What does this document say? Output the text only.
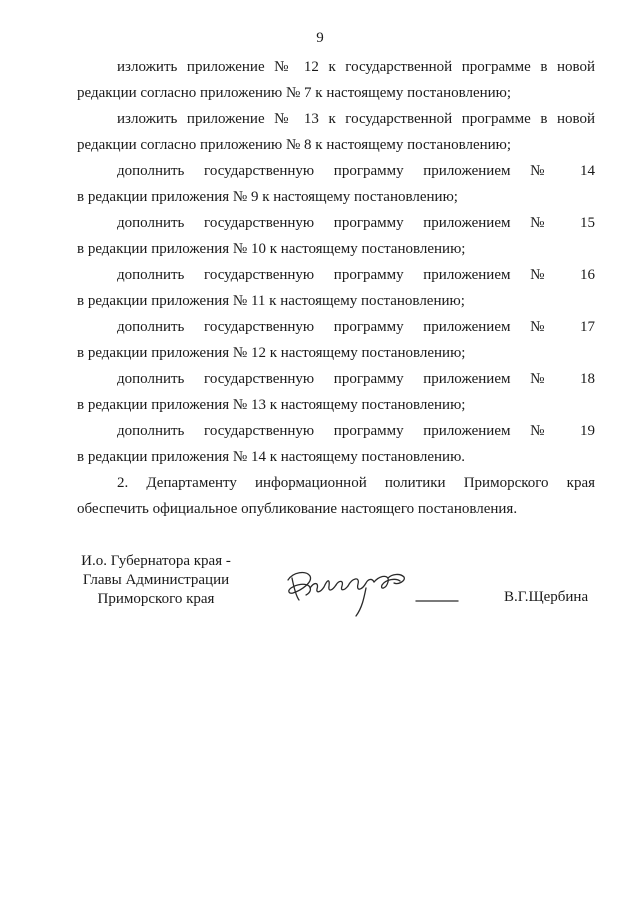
9
изложить приложение № 12 к государственной программе в новой
редакции согласно приложению № 7 к настоящему постановлению;
изложить приложение № 13 к государственной программе в новой
редакции согласно приложению № 8 к настоящему постановлению;
дополнить государственную программу приложением № 14
в редакции приложения № 9 к настоящему постановлению;
дополнить государственную программу приложением № 15
в редакции приложения № 10 к настоящему постановлению;
дополнить государственную программу приложением № 16
в редакции приложения № 11 к настоящему постановлению;
дополнить государственную программу приложением № 17
в редакции приложения № 12 к настоящему постановлению;
дополнить государственную программу приложением № 18
в редакции приложения № 13 к настоящему постановлению;
дополнить государственную программу приложением № 19
в редакции приложения № 14 к настоящему постановлению.
2. Департаменту информационной политики Приморского края
обеспечить официальное опубликование настоящего постановления.
И.о. Губернатора края -
Главы Администрации
Приморского края	В.Г.Щербина
